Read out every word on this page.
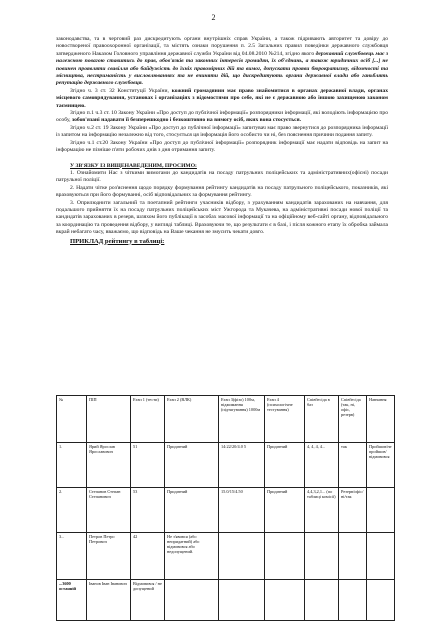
2

законодавства, та в черговий раз дискредитують органи внутрішніх справ України, а також підривають авторитет та довіру до новоствореної правоохоронної організації, та містять ознаки порушення п. 2.5 Загальних правил поведінки державного службовця затвердженого Наказом Головного управління державної служби України від 04.08.2010 №214, згідно якого державний службовець має з належною повагою ставитись до прав, обов'язків та законних інтересів громадян, їх об'єднань, а також юридичних осіб [...] не повинен проявляти свавілля або байдужість до їхніх правомірних дій та вимог, допускати прояви бюрократизму, відомчості та місництва, нестриманість у висловлюваннях та не вчиняти дій, що дискредитують органи державної влади або ганьблять репутацію державного службовця.

Згідно ч. 3 ст. 32 Конституції України, кожний громадянин має право знайомитися в органах державної влади, органах місцевого самоврядування, установах і організаціях з відомостями про себе, які не є державною або іншою захищеною законом таємницею.

Згідно п.1 ч.3 ст. 10 Закону України «Про доступ до публічної інформації» розпорядники інформації, які володіють інформацією про особу, зобов'язані надавати її безперешкодно і безкоштовно на вимогу осіб, яких вона стосується.

Згідно ч.2 ст. 19 Закону України «Про доступ до публічної інформації» запитувач має право звернутися до розпорядника інформації із запитом на інформацію незалежно від того, стосується ця інформація його особисто чи ні, без пояснення причини подання запиту.

Згідно ч.1 ст.20 Закону України «Про доступ до публічної інформації» розпорядник інформації має надати відповідь на запит на інформацію не пізніше п'яти робочих днів з дня отримання запиту.

У ЗВ'ЯЗКУ ІЗ ВИЩЕНАВЕДЕНИМ, ПРОСИМО:

1. Ознайомити Нас з чіткими вимогами до кандидатів на посаду патрульних поліцейських та адміністративних(офісні) посади патрульної поліції.

2. Надати чітке роз'яснення щодо порядку формування рейтингу кандидатів на посаду патрульного поліцейського, показників, які враховуються при його формуванні, осіб відповідальних за формування рейтингу.

3. Оприлюднити загальний та поетапний рейтинги учасників відбору, з урахуванням кандидатів зарахованих на навчання, для подальшого прийняття їх на посаду патрульних поліцейських міст Ужгорода та Мукачева, на адміністративні посади нової поліції та кандидатів зарахованих в резерв, шляхом його публікації в засобах масової інформації та на офіційному веб-сайті органу, відповідального за координацію та проведення відбору, у вигляді таблиці. Враховуючи те, що результати є в базі, і після кожного етапу їх обробка займала вкрай небагато часу, вважаємо, що відповідь на Ваше чекання не змусить чекати довго.

ПРИКЛАД рейтингу в таблиці:

№	ПІП	Етап 1 (тести)	Етап 2 (ВЛК)	Етап 3(фізо) 100м, віджимання (підтягування) 1000м	Етап 4 (психологічне тестування)	Співбесіда в баз	Співбесіда (так, ні, офіс, резерв)	Навчання
1.	Ярий Ярослав Ярославович	51	Придатний	14:22/20/4.0 5	Придатний	4, 4, 4, 4...	так	Пройшов/не пройшов/ відмовився
2.	Степанов Степан Степанович	53	Придатний	15.0/15/4.50	Придатний	4,4,3,2,1... (по таблиці комісії)	Резерв/офіс/ні/так	
3...	Петров Петро Петрович	42	Не з'явився (або непридатний) або відмовився або недопущений.					
...3600 останній	Іванов Іван Іванович	Відмовився / не допущений						
